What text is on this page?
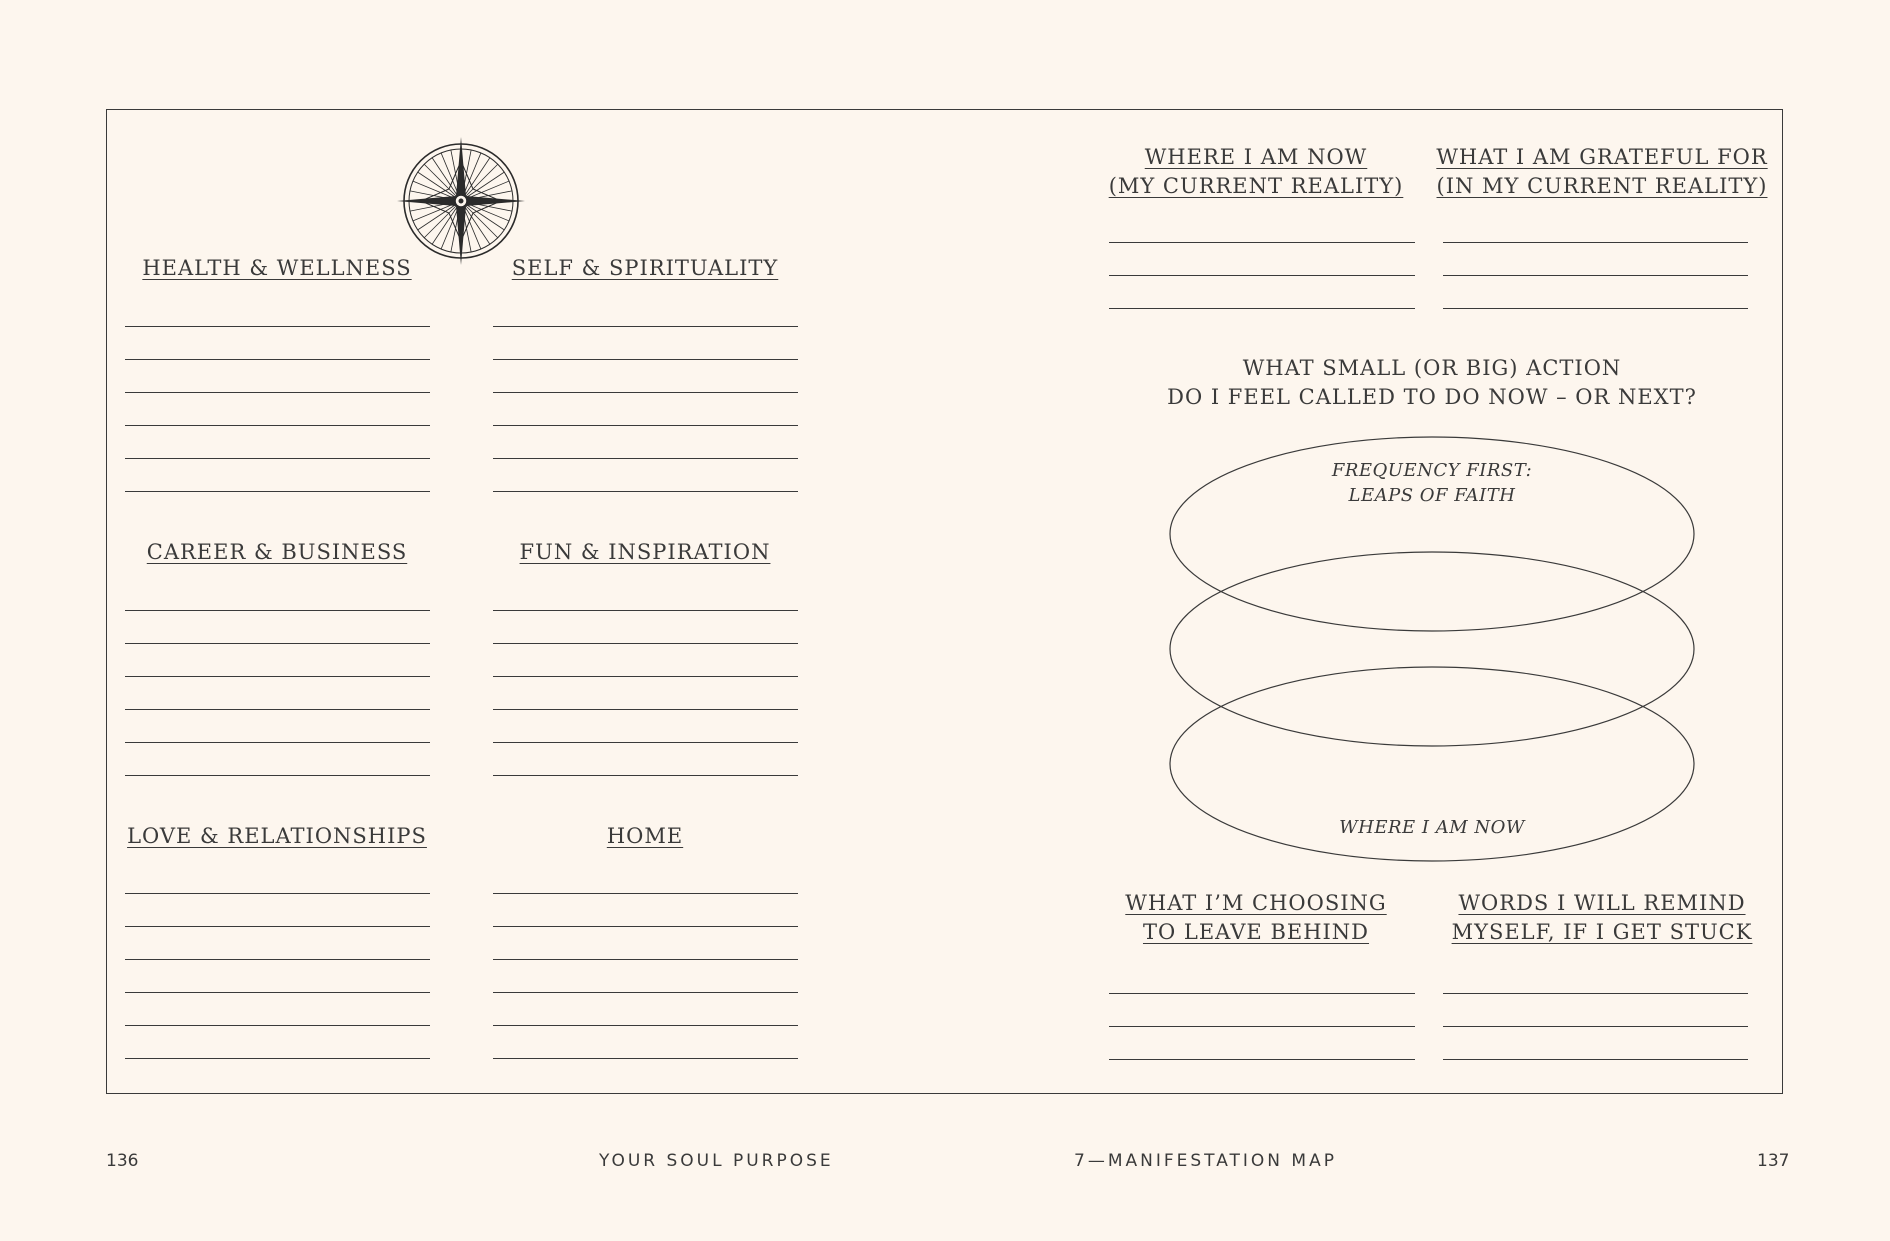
HEALTH & WELLNESS	SELF & SPIRITUALITY
CAREER & BUSINESS	FUN & INSPIRATION
LOVE & RELATIONSHIPS	HOME
WHERE I AM NOW
(MY CURRENT REALITY)
WHAT I AM GRATEFUL FOR
(IN MY CURRENT REALITY)
WHAT SMALL (OR BIG) ACTION
DO I FEEL CALLED TO DO NOW – OR NEXT?
FREQUENCY FIRST:
LEAPS OF FAITH
WHERE I AM NOW
WHAT I’M CHOOSING
TO LEAVE BEHIND
WORDS I WILL REMIND
MYSELF, IF I GET STUCK
136	YOUR SOUL PURPOSE	7—MANIFESTATION MAP	137
